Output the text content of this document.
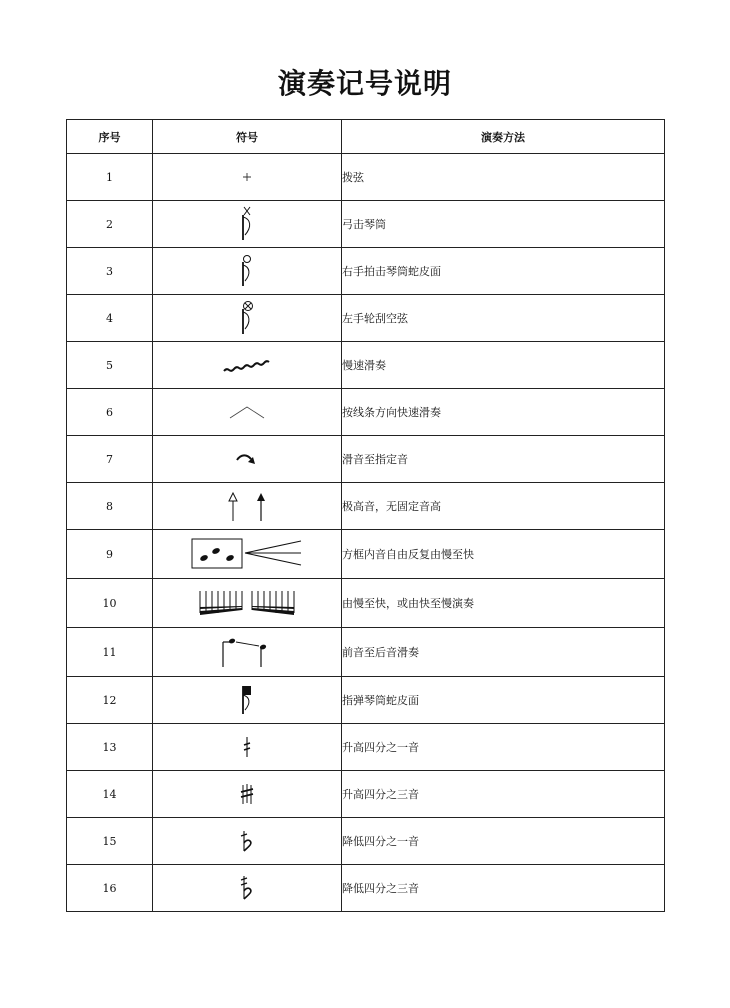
演奏记号说明
序号	符号	演奏方法
1		拨弦
2		弓击琴筒
3		右手拍击琴筒蛇皮面
4		左手轮刮空弦
5		慢速滑奏
6		按线条方向快速滑奏
7		滑音至指定音
8		极高音，无固定音高
9		方框内音自由反复由慢至快
10		由慢至快，或由快至慢演奏
11		前音至后音滑奏
12		指弹琴筒蛇皮面
13		升高四分之一音
14		升高四分之三音
15		降低四分之一音
16		降低四分之三音
